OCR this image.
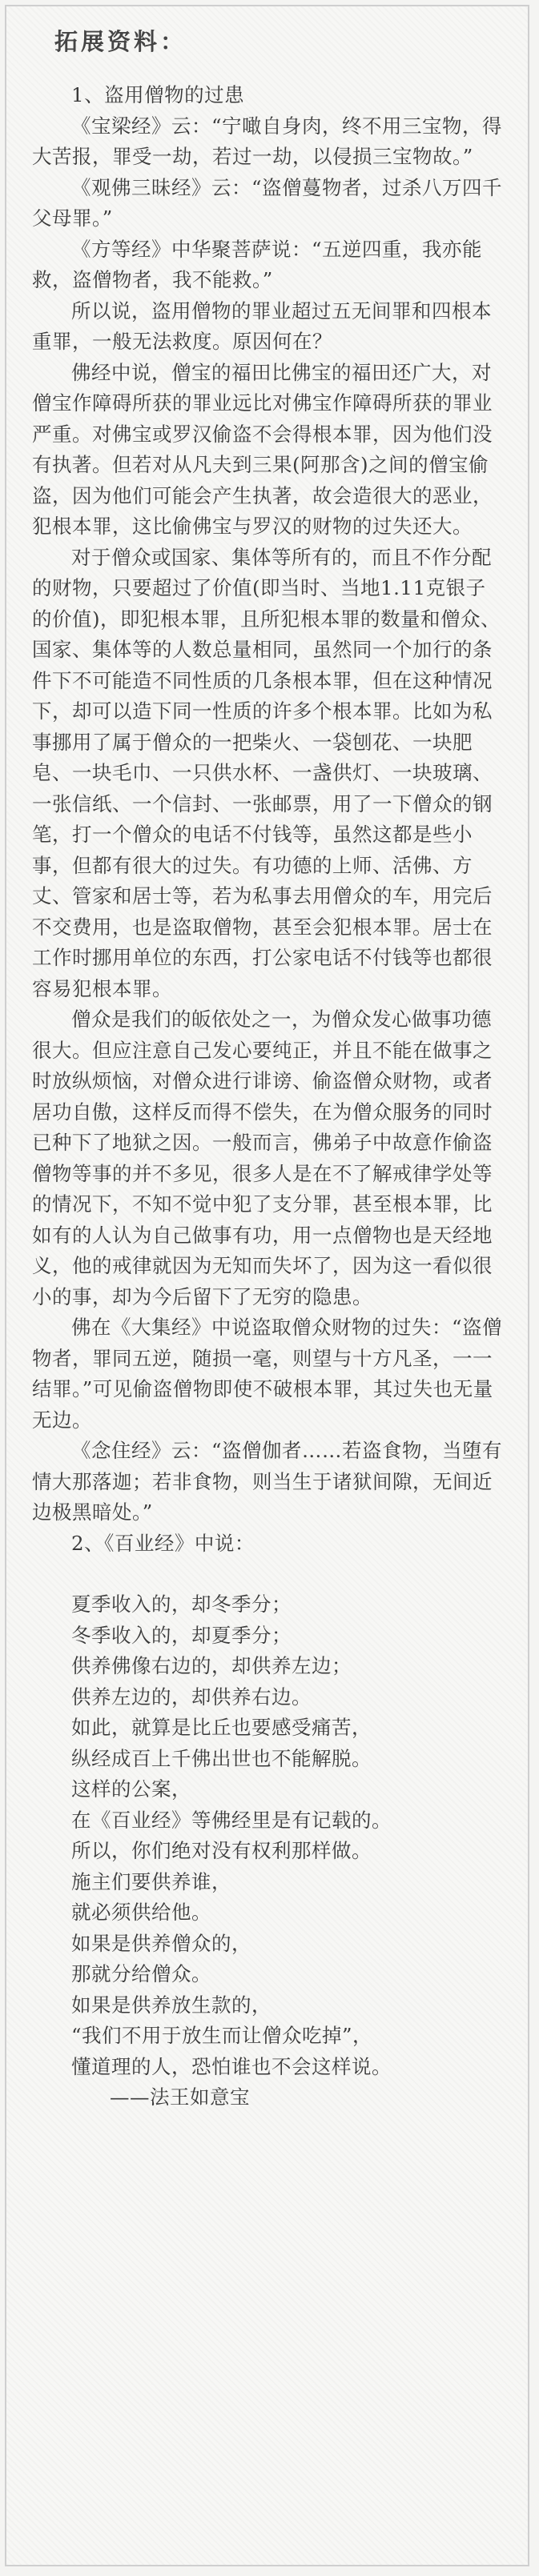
拓展资料：

1、盗用僧物的过患

《宝梁经》云：“宁噉自身肉，终不用三宝物，得大苦报，罪受一劫，若过一劫，以侵损三宝物故。”

《观佛三昧经》云：“盗僧蔓物者，过杀八万四千父母罪。”

《方等经》中华聚菩萨说：“五逆四重，我亦能救，盗僧物者，我不能救。”

所以说，盗用僧物的罪业超过五无间罪和四根本重罪，一般无法救度。原因何在？

佛经中说，僧宝的福田比佛宝的福田还广大，对僧宝作障碍所获的罪业远比对佛宝作障碍所获的罪业严重。对佛宝或罗汉偷盗不会得根本罪，因为他们没有执著。但若对从凡夫到三果(阿那含)之间的僧宝偷盗，因为他们可能会产生执著，故会造很大的恶业，犯根本罪，这比偷佛宝与罗汉的财物的过失还大。

对于僧众或国家、集体等所有的，而且不作分配的财物，只要超过了价值(即当时、当地1.11克银子的价值)，即犯根本罪，且所犯根本罪的数量和僧众、国家、集体等的人数总量相同，虽然同一个加行的条件下不可能造不同性质的几条根本罪，但在这种情况下，却可以造下同一性质的许多个根本罪。比如为私事挪用了属于僧众的一把柴火、一袋刨花、一块肥皂、一块毛巾、一只供水杯、一盏供灯、一块玻璃、一张信纸、一个信封、一张邮票，用了一下僧众的钢笔，打一个僧众的电话不付钱等，虽然这都是些小事，但都有很大的过失。有功德的上师、活佛、方丈、管家和居士等，若为私事去用僧众的车，用完后不交费用，也是盗取僧物，甚至会犯根本罪。居士在工作时挪用单位的东西，打公家电话不付钱等也都很容易犯根本罪。

僧众是我们的皈依处之一，为僧众发心做事功德很大。但应注意自己发心要纯正，并且不能在做事之时放纵烦恼，对僧众进行诽谤、偷盗僧众财物，或者居功自傲，这样反而得不偿失，在为僧众服务的同时已种下了地狱之因。一般而言，佛弟子中故意作偷盗僧物等事的并不多见，很多人是在不了解戒律学处等的情况下，不知不觉中犯了支分罪，甚至根本罪，比如有的人认为自己做事有功，用一点僧物也是天经地义，他的戒律就因为无知而失坏了，因为这一看似很小的事，却为今后留下了无穷的隐患。

佛在《大集经》中说盗取僧众财物的过失：“盗僧物者，罪同五逆，随损一毫，则望与十方凡圣，一一结罪。”可见偷盗僧物即使不破根本罪，其过失也无量无边。

《念住经》云：“盗僧伽者……若盗食物，当堕有情大那落迦；若非食物，则当生于诸狱间隙，无间近边极黑暗处。”

2、《百业经》中说：

夏季收入的，却冬季分；

冬季收入的，却夏季分；

供养佛像右边的，却供养左边；

供养左边的，却供养右边。

如此，就算是比丘也要感受痛苦，

纵经成百上千佛出世也不能解脱。

这样的公案，

在《百业经》等佛经里是有记载的。

所以，你们绝对没有权利那样做。

施主们要供养谁，

就必须供给他。

如果是供养僧众的，

那就分给僧众。

如果是供养放生款的，

“我们不用于放生而让僧众吃掉”，

懂道理的人，恐怕谁也不会这样说。

——法王如意宝
